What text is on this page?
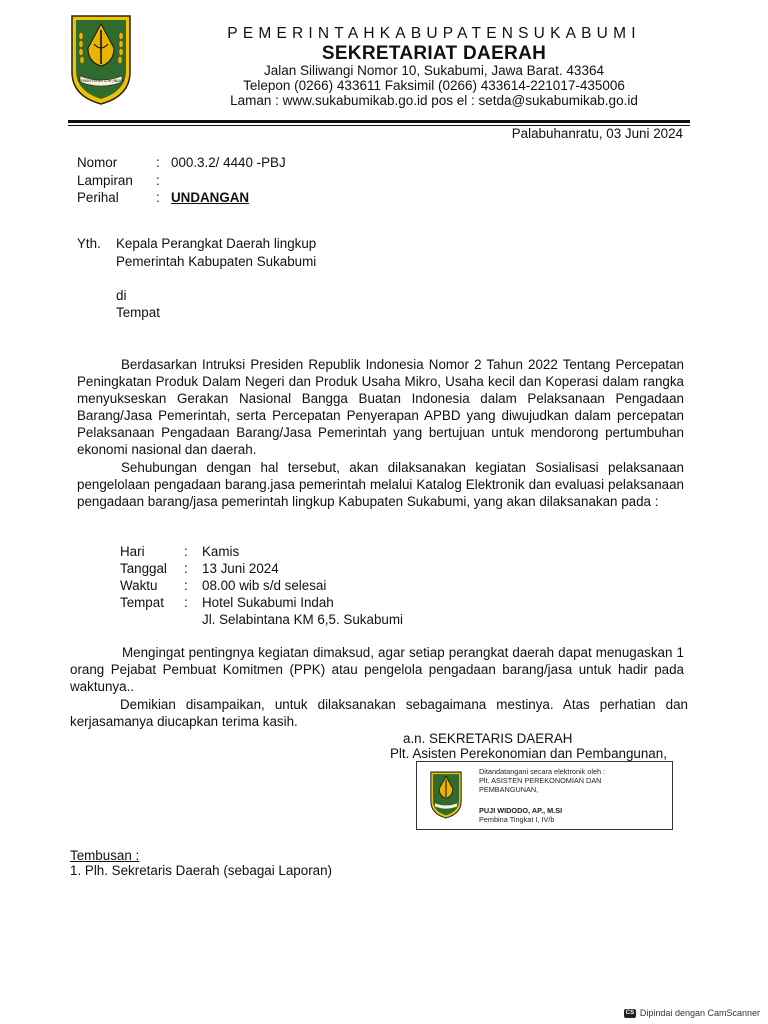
GEMAH RIPAH LOH JINAWI
PEMERINTAHKABUPATENSUKABUMI
SEKRETARIAT DAERAH
Jalan Siliwangi Nomor 10, Sukabumi, Jawa Barat. 43364
Telepon (0266) 433611 Faksimil (0266) 433614-221017-435006
Laman : www.sukabumikab.go.id pos el : setda@sukabumikab.go.id
Palabuhanratu, 03 Juni 2024
Nomor	: 000.3.2/ 4440 -PBJ
Lampiran :
Perihal	: UNDANGAN
Yth. Kepala Perangkat Daerah lingkup
Pemerintah Kabupaten Sukabumi
di
Tempat
Berdasarkan Intruksi Presiden Republik Indonesia Nomor 2 Tahun 2022 Tentang Percepatan Peningkatan Produk Dalam Negeri dan Produk Usaha Mikro, Usaha kecil dan Koperasi dalam rangka menyukseskan Gerakan Nasional Bangga Buatan Indonesia dalam Pelaksanaan Pengadaan Barang/Jasa Pemerintah, serta Percepatan Penyerapan APBD yang diwujudkan dalam percepatan Pelaksanaan Pengadaan Barang/Jasa Pemerintah yang bertujuan untuk mendorong pertumbuhan ekonomi nasional dan daerah.
Sehubungan dengan hal tersebut, akan dilaksanakan kegiatan Sosialisasi pelaksanaan pengelolaan pengadaan barang.jasa pemerintah melalui Katalog Elektronik dan evaluasi pelaksanaan pengadaan barang/jasa pemerintah lingkup Kabupaten Sukabumi, yang akan dilaksanakan pada :
Hari	: Kamis
Tanggal : 13 Juni 2024
Waktu : 08.00 wib s/d selesai
Tempat : Hotel Sukabumi Indah
Jl. Selabintana KM 6,5. Sukabumi
Mengingat pentingnya kegiatan dimaksud, agar setiap perangkat daerah dapat menugaskan 1 orang Pejabat Pembuat Komitmen (PPK) atau pengelola pengadaan barang/jasa untuk hadir pada waktunya..
Demikian disampaikan, untuk dilaksanakan sebagaimana mestinya. Atas perhatian dan kerjasamanya diucapkan terima kasih.
a.n. SEKRETARIS DAERAH
Plt. Asisten Perekonomian dan Pembangunan,
Ditandatangani secara elektronik oleh :
Plt. ASISTEN PEREKONOMIAN DAN
PEMBANGUNAN,
PUJI WIDODO, AP., M.SI
Pembina Tingkat I, IV/b
Tembusan :
1. Plh. Sekretaris Daerah (sebagai Laporan)
CS Dipindai dengan CamScanner
